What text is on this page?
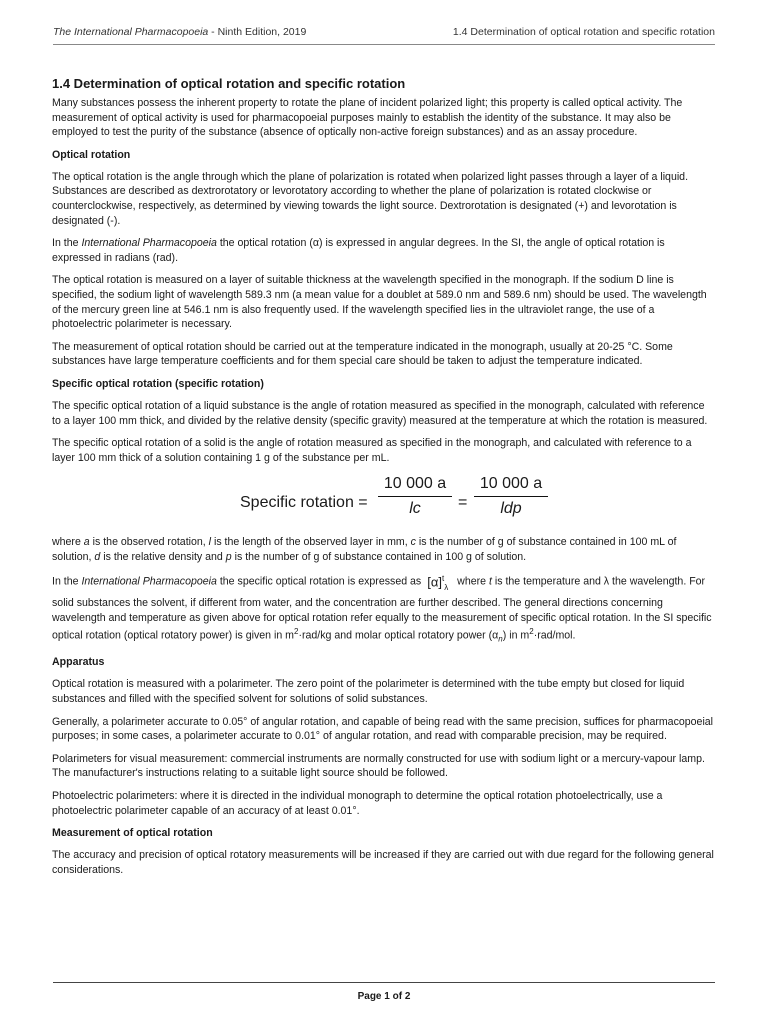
The International Pharmacopoeia - Ninth Edition, 2019	1.4 Determination of optical rotation and specific rotation
1.4 Determination of optical rotation and specific rotation

Many substances possess the inherent property to rotate the plane of incident polarized light; this property is called optical activity. The measurement of optical activity is used for pharmacopoeial purposes mainly to establish the identity of the substance. It may also be employed to test the purity of the substance (absence of optically non-active foreign substances) and as an assay procedure.

Optical rotation

The optical rotation is the angle through which the plane of polarization is rotated when polarized light passes through a layer of a liquid. Substances are described as dextrorotatory or levorotatory according to whether the plane of polarization is rotated clockwise or counterclockwise, respectively, as determined by viewing towards the light source. Dextrorotation is designated (+) and levorotation is designated (-).

In the International Pharmacopoeia the optical rotation (α) is expressed in angular degrees. In the SI, the angle of optical rotation is expressed in radians (rad).

The optical rotation is measured on a layer of suitable thickness at the wavelength specified in the monograph. If the sodium D line is specified, the sodium light of wavelength 589.3 nm (a mean value for a doublet at 589.0 nm and 589.6 nm) should be used. The wavelength of the mercury green line at 546.1 nm is also frequently used. If the wavelength specified lies in the ultraviolet range, the use of a photoelectric polarimeter is necessary.

The measurement of optical rotation should be carried out at the temperature indicated in the monograph, usually at 20-25 °C. Some substances have large temperature coefficients and for them special care should be taken to adjust the temperature indicated.

Specific optical rotation (specific rotation)

The specific optical rotation of a liquid substance is the angle of rotation measured as specified in the monograph, calculated with reference to a layer 100 mm thick, and divided by the relative density (specific gravity) measured at the temperature at which the rotation is measured.

The specific optical rotation of a solid is the angle of rotation measured as specified in the monograph, and calculated with reference to a layer 100 mm thick of a solution containing 1 g of the substance per mL.

Specific rotation = $\frac{10 000 a}{lc}$ =
10 000 a
ldp

where a is the observed rotation, l is the length of the observed layer in mm, c is the number of g of substance contained in 100 mL of solution, d is the relative density and p is the number of g of substance contained in 100 g of solution.

In the International Pharmacopoeia the specific optical rotation is expressed as $[\alpha]^t_\lambda$ where t is the temperature and λ the wavelength. For solid substances the solvent, if different from water, and the concentration are further described. The general directions concerning wavelength and temperature as given above for optical rotation refer equally to the measurement of specific optical rotation. In the SI specific optical rotation (optical rotatory power) is given in $m^2\cdot rad/kg$ and molar optical rotatory power $(\alpha_n)$ in $m^2\cdot rad$/mol.

Apparatus

Optical rotation is measured with a polarimeter. The zero point of the polarimeter is determined with the tube empty but closed for liquid substances and filled with the specified solvent for solutions of solid substances.

Generally, a polarimeter accurate to 0.05° of angular rotation, and capable of being read with the same precision, suffices for pharmacopoeial purposes; in some cases, a polarimeter accurate to 0.01° of angular rotation, and read with comparable precision, may be required.

Polarimeters for visual measurement: commercial instruments are normally constructed for use with sodium light or a mercury-vapour lamp. The manufacturer's instructions relating to a suitable light source should be followed.

Photoelectric polarimeters: where it is directed in the individual monograph to determine the optical rotation photoelectrically, use a photoelectric polarimeter capable of an accuracy of at least 0.01°.

Measurement of optical rotation

The accuracy and precision of optical rotatory measurements will be increased if they are carried out with due regard for the following general considerations.

Page 1 of 2
